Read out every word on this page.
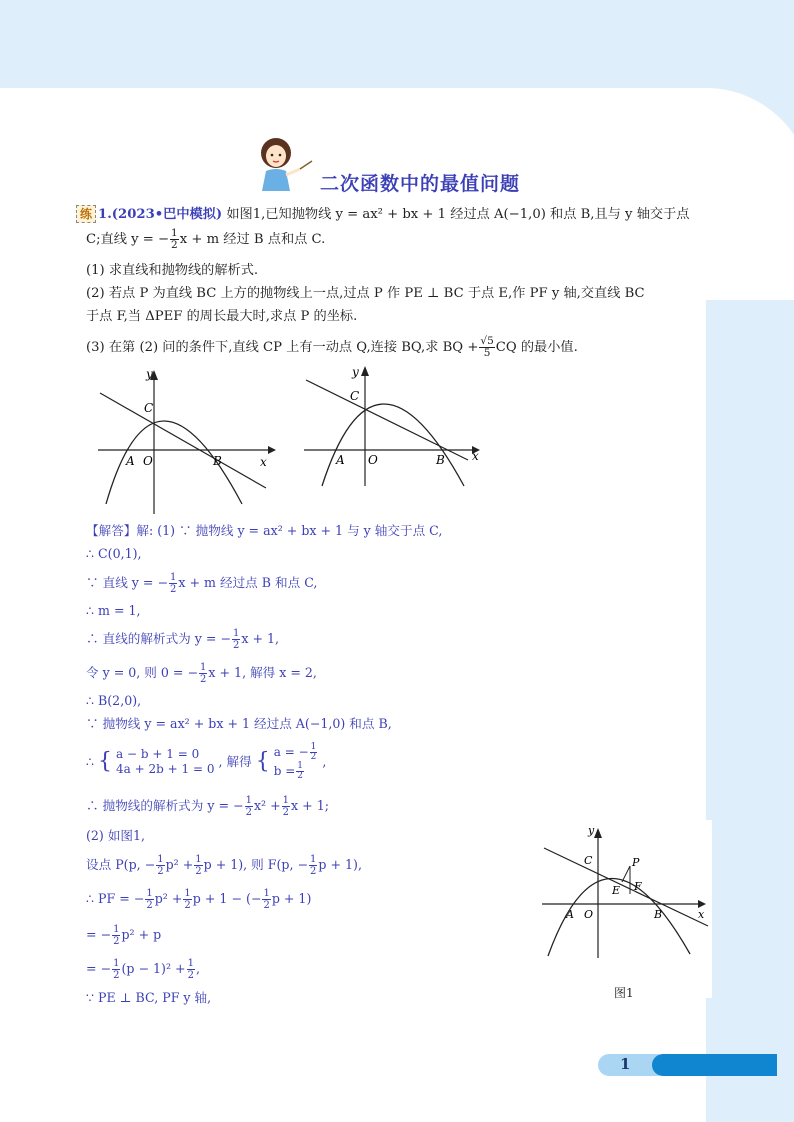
二次函数中的最值问题
练 1.(2023•巴中模拟) 如图1,已知抛物线 y = ax² + bx + 1 经过点 A(−1,0) 和点 B,且与 y 轴交于点
C;直线 y = − $\frac{1}{2}$ x + m 经过 B 点和点 C.
(1) 求直线和抛物线的解析式.
(2) 若点 P 为直线 BC 上方的抛物线上一点,过点 P 作 PE ⊥ BC 于点 E,作 PF y 轴,交直线 BC
于点 F,当 ΔPEF 的周长最大时,求点 P 的坐标.
(3) 在第 (2) 问的条件下,直线 CP 上有一动点 Q,连接 BQ,求 BQ + $\frac{√5}{5}$ CQ 的最小值.
y
x
C
A O	B
y
x
C
A O	B
【解答】解: (1) ∵ 抛物线 y = ax² + bx + 1 与 y 轴交于点 C,
∴ C(0,1),
∵ 直线 y = − $\frac{1}{2}$ x + m 经过点 B 和点 C,
∴ m = 1,
∴ 直线的解析式为 y = − $\frac{1}{2}$ x + 1,
令 y = 0, 则 0 = − $\frac{1}{2}$ x + 1, 解得 x = 2,
∴ B(2,0),
∵ 抛物线 y = ax² + bx + 1 经过点 A(−1,0) 和点 B,
∴ { a − b + 1 = 0
4a + 2b + 1 = 0 , 解得 { a = − $\frac{1}{2}$
$b = \frac{1}{2}$
,
∴ 抛物线的解析式为 y = − $\frac{1}{2} x^2 + \frac{1}{2}$ x + 1;
(2) 如图1,
设点 P(p, − $\frac{1}{2} p^2 + \frac{1}{2}$ p + 1), 则 F(p, − $\frac{1}{2}$ p + 1),
∴ PF = − $\frac{1}{2} p^2 + \frac{1}{2}$ p + 1 − (− $\frac{1}{2}$ p + 1)
= − $\frac{1}{2} p^2 + p$
= − $\frac{1}{2} (p - 1)^2 + \frac{1}{2}$ ,
∵ PE ⊥ BC, PF y 轴,
y
x
C	P
E F
A O	B
图1
1
